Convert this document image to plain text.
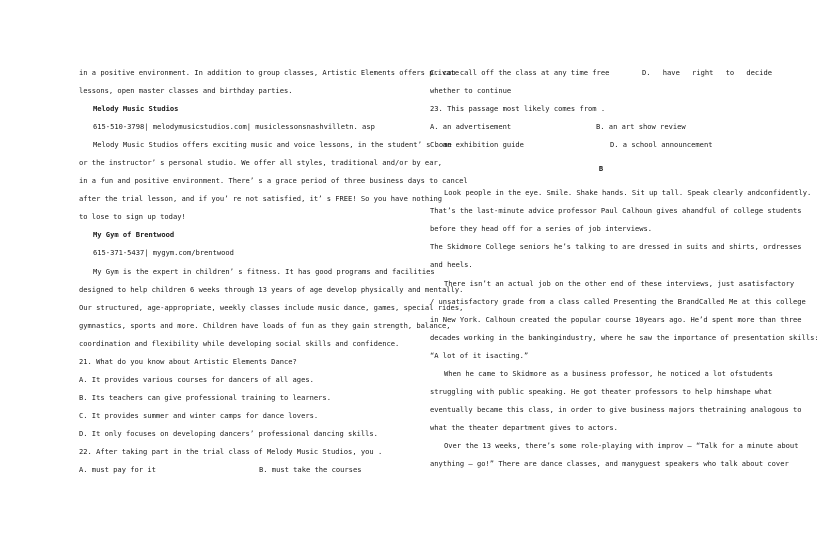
in a positive environment. In addition to group classes, Artistic Elements offers private
lessons, open master classes and birthday parties.
Melody Music Studios
615-510-3798| melodymusicstudios.com| musiclessonsnashvilletn. asp
Melody Music Studios offers exciting music and voice lessons, in the student’ s home
or the instructor’ s personal studio. We offer all styles, traditional and/or by ear,
in a fun and positive environment. There’ s a grace period of three business days to cancel
after the trial lesson, and if you’ re not satisfied, it’ s FREE! So you have nothing
to lose to sign up today!
My Gym of Brentwood
615-371-5437| mygym.com/brentwood
My Gym is the expert in children’ s fitness. It has good programs and facilities
designed to help children 6 weeks through 13 years of age develop physically and mentally.
Our structured, age-appropriate, weekly classes include music dance, games, special rides,
gymnastics, sports and more. Children have loads of fun as they gain strength, balance,
coordination and flexibility while developing social skills and confidence.
21. What do you know about Artistic Elements Dance?
A. It provides various courses for dancers of all ages.
B. Its teachers can give professional training to learners.
C. It provides summer and winter camps for dance lovers.
D. It only focuses on developing dancers’ professional dancing skills.
22. After taking part in the trial class of Melody Music Studios, you .
A. must pay for it	B. must take the courses
C. can call off the class at any time free	D. have right to decide
whether to continue
23. This passage most likely comes from .
A. an advertisement	B. an art show review
C. an exhibition guide	D. a school announcement
B
Look people in the eye. Smile. Shake hands. Sit up tall. Speak clearly andconfidently.
That’s the last-minute advice professor Paul Calhoun gives ahandful of college students
before they head off for a series of job interviews.
The Skidmore College seniors he’s talking to are dressed in suits and shirts, ordresses
and heels.
There isn’t an actual job on the other end of these interviews, just asatisfactory
/ unsatisfactory grade from a class called Presenting the BrandCalled Me at this college
in New York. Calhoun created the popular course 10years ago. He’d spent more than three
decades working in the bankingindustry, where he saw the importance of presentation skills:
“A lot of it isacting.”
When he came to Skidmore as a business professor, he noticed a lot ofstudents
struggling with public speaking. He got theater professors to help himshape what
eventually became this class, in order to give business majors thetraining analogous to
what the theater department gives to actors.
Over the 13 weeks, there’s some role-playing with improv — “Talk for a minute about
anything — go!” There are dance classes, and manyguest speakers who talk about cover
